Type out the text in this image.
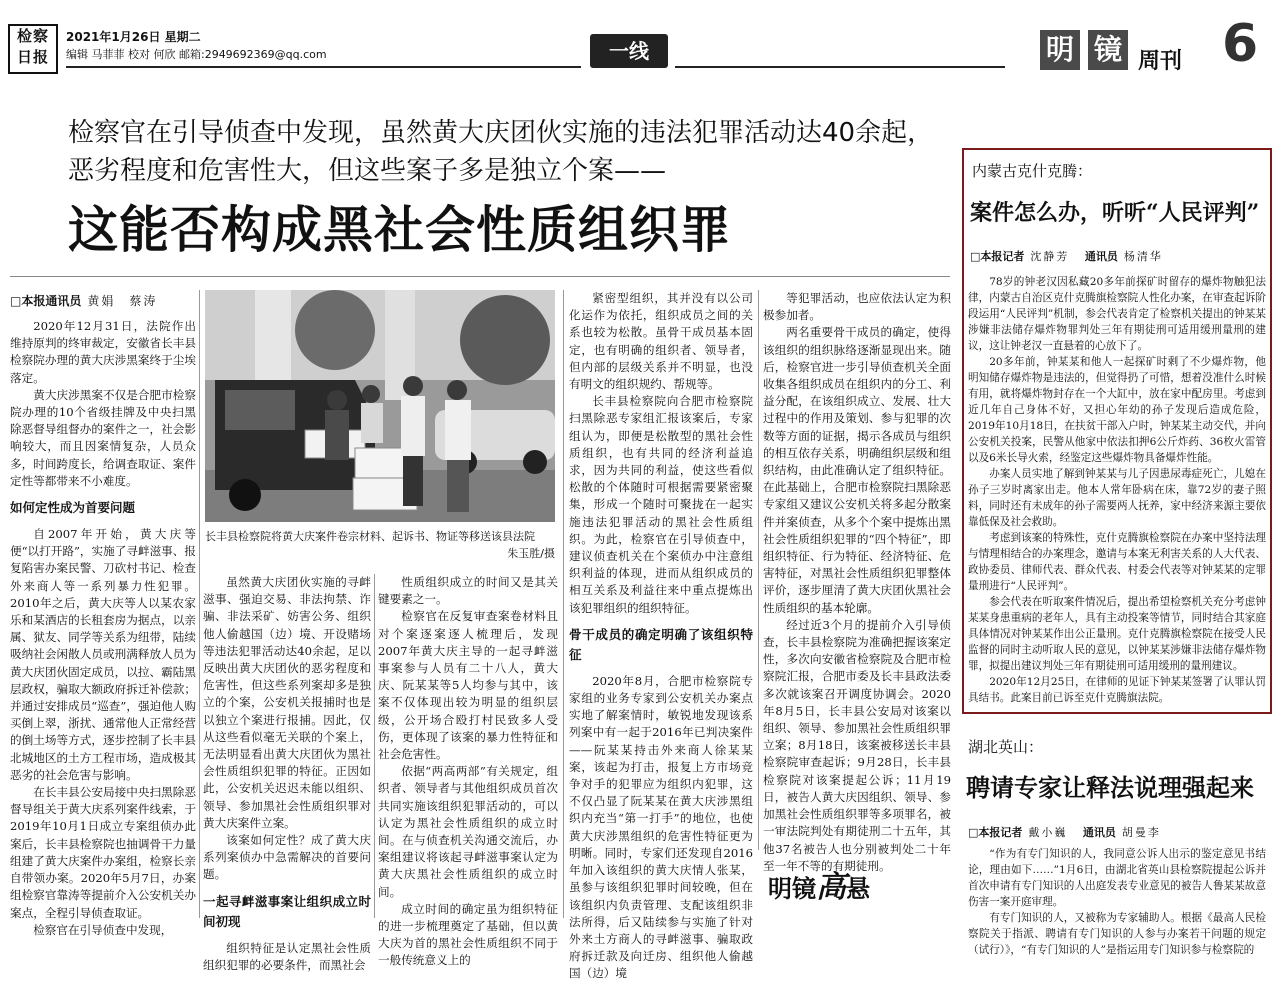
检察日报
2021年1月26日 星期二
编辑 马菲菲 校对 何欣 邮箱:2949692369@qq.com	一线	明 镜 周刊 6
检察官在引导侦查中发现，虽然黄大庆团伙实施的违法犯罪活动达40余起，恶劣程度和危害性大，但这些案子多是独立个案——
这能否构成黑社会性质组织罪
□本报通讯员 黄娟　蔡涛

2020年12月31日，法院作出维持原判的终审裁定，安徽省长丰县检察院办理的黄大庆涉黑案终于尘埃落定。

黄大庆涉黑案不仅是合肥市检察院办理的10个省级挂牌及中央扫黑除恶督导组督办的案件之一，社会影响较大，而且因案情复杂，人员众多，时间跨度长，给调查取证、案件定性等都带来不小难度。

如何定性成为首要问题

自2007年开始，黄大庆等便“以打开路”，实施了寻衅滋事、报复陷害办案民警、刀砍村书记、检查外来商人等一系列暴力性犯罪。2010年之后，黄大庆等人以某农家乐和某酒店的长租套房为据点，以亲属、狱友、同学等关系为纽带，陆续吸纳社会闲散人员或刑满释放人员为黄大庆团伙固定成员，以拉、霸陆黑层政权，骗取大额政府拆迁补偿款；并通过安排成员“巡查”，强迫他人购买倒上翠，浙扰、通常他人正常经营的倒土场等方式，逐步控制了长丰县北城地区的土方工程市场，造成极其恶劣的社会危害与影响。

在长丰县公安局接中央扫黑除恶督导组关于黄大庆系列案件线索，于2019年10月1日成立专案组侦办此案后，长丰县检察院也抽调骨干力量组建了黄大庆案件办案组，检察长亲自带领办案。2020年5月7日，办案组检察官靠涛等提前介入公安机关办案点，全程引导侦查取证。

检察官在引导侦查中发现，

长丰县检察院将黄大庆案件卷宗材料、起诉书、物证等移送该县法院
朱玉胜/摄

虽然黄大庆团伙实施的寻衅滋事、强迫交易、非法拘禁、诈骗、非法采矿、妨害公务、组织他人偷越国（边）境、开设赌场等违法犯罪活动达40余起，足以反映出黄大庆团伙的恶劣程度和危害性，但这些系列案却多是独立的个案，公安机关报捕时也是以独立个案进行报捕。因此，仅从这些看似毫无关联的个案上，无法明显看出黄大庆团伙为黑社会性质组织犯罪的特征。正因如此，公安机关迟迟未能以组织、领导、参加黑社会性质组织罪对黄大庆案件立案。

该案如何定性？成了黄大庆系列案侦办中急需解决的首要问题。

一起寻衅滋事案让组织成立时间初现

组织特征是认定黑社会性质组织犯罪的必要条件，而黑社会

性质组织成立的时间又是其关键要素之一。

检察官在反复审查案卷材料且对个案逐案逐人梳理后，发现2007年黄大庆主导的一起寻衅滋事案参与人员有二十八人，黄大庆、阮某某等5人均参与其中，该案不仅体现出较为明显的组织层级，公开场合殴打村民致多人受伤，更体现了该案的暴力性特征和社会危害性。

依据“两高两部”有关规定，组织者、领导者与其他组织成员首次共同实施该组织犯罪活动的，可以认定为黑社会性质组织的成立时间。在与侦查机关沟通交流后，办案组建议将该起寻衅滋事案认定为黄大庆黑社会性质组织的成立时间。

成立时间的确定虽为组织特征的进一步梳理奠定了基础，但以黄大庆为首的黑社会性质组织不同于一般传统意义上的

紧密型组织，其并没有以公司化运作为依托，组织成员之间的关系也较为松散。虽骨干成员基本固定，也有明确的组织者、领导者，但内部的层级关系并不明显，也没有明文的组织规约、帮规等。

长丰县检察院向合肥市检察院扫黑除恶专家组汇报该案后，专家组认为，即便是松散型的黑社会性质组织，也有共同的经济利益追求，因为共同的利益，使这些看似松散的个体随时可根据需要紧密聚集，形成一个随时可聚拢在一起实施违法犯罪活动的黑社会性质组织。为此，检察官在引导侦查中，建议侦查机关在个案侦办中注意组织利益的体现，进而从组织成员的相互关系及利益往来中重点提炼出该犯罪组织的组织特征。

骨干成员的确定明确了该组织特征

2020年8月，合肥市检察院专家组的业务专家到公安机关办案点实地了解案情时，敏锐地发现该系列案中有一起于2016年已判决案件——阮某某持击外来商人徐某某案，该起为打击，报复上方市场竞争对手的犯罪应为组织内犯罪，这不仅凸显了阮某某在黄大庆涉黑组织内充当“第一打手”的地位，也使黄大庆涉黑组织的危害性特征更为明晰。同时，专家们还发现自2016年加入该组织的黄大庆情人张某，虽参与该组织犯罪时间较晚，但在该组织内负责管理、支配该组织非法所得，后又陆续参与实施了针对外来土方商人的寻衅滋事、骗取政府拆迁款及向迁房、组织他人偷越国（边）境

等犯罪活动，也应依法认定为积极参加者。

两名重要骨干成员的确定，使得该组织的组织脉络逐渐显现出来。随后，检察官进一步引导侦查机关全面收集各组织成员在组织内的分工、利益分配，在该组织成立、发展、壮大过程中的作用及策划、参与犯罪的次数等方面的证据，揭示各成员与组织的相互依存关系，明确组织层级和组织结构，由此准确认定了组织特征。在此基础上，合肥市检察院扫黑除恶专家组又建议公安机关将多起分散案件并案侦查，从多个个案中提炼出黑社会性质组织犯罪的“四个特征”，即组织特征、行为特征、经济特征、危害特征，对黑社会性质组织犯罪整体评价，逐步厘清了黄大庆团伙黑社会性质组织的基本轮廓。

经过近3个月的提前介入引导侦查，长丰县检察院为准确把握该案定性，多次向安徽省检察院及合肥市检察院汇报，合肥市委及长丰县政法委多次就该案召开调度协调会。2020年8月5日，长丰县公安局对该案以组织、领导、参加黑社会性质组织罪立案；8月18日，该案被移送长丰县检察院审查起诉；9月28日，长丰县检察院对该案提起公诉；11月19日，被告人黄大庆因组织、领导、参加黑社会性质组织罪等多项罪名，被一审法院判处有期徒刑二十五年，其他37名被告人也分别被判处二十年至一年不等的有期徒刑。

明镜高悬
内蒙古克什克腾：
案件怎么办，听听“人民评判”
□本报记者 沈静芳 通讯员 杨清华

78岁的钟老汉因私藏20多年前探矿时留存的爆炸物触犯法律，内蒙古自治区克什克腾旗检察院人性化办案，在审查起诉阶段运用“人民评判”机制，参会代表肯定了检察机关提出的钟某某涉嫌非法储存爆炸物罪判处三年有期徒刑可适用缓刑量刑的建议，这让钟老汉一直悬着的心放下了。

20多年前，钟某某和他人一起探矿时剩了不少爆炸物，他明知储存爆炸物是违法的，但觉得扔了可惜，想着没准什么时候有用，就将爆炸物封存在一个大缸中，放在家中配房里。考虑到近几年自己身体不好，又担心年幼的孙子发现后造成危险，2019年10月18日，在扶贫干部入户时，钟某某主动交代，并向公安机关投案，民警从他家中依法扣押6公斤炸药、36枚火雷管以及6米长导火索，经鉴定这些爆炸物具备爆炸性能。

办案人员实地了解到钟某某与儿子因患尿毒症死亡，儿媳在孙子三岁时离家出走。他本人常年卧病在床，靠72岁的妻子照料，同时还有未成年的孙子需要两人抚养，家中经济来源主要依靠低保及社会救助。

考虑到该案的特殊性，克什克腾旗检察院在办案中坚持法理与情理相结合的办案理念，邀请与本案无利害关系的人大代表、政协委员、律师代表、群众代表、村委会代表等对钟某某的定罪量刑进行“人民评判”。

参会代表在听取案件情况后，提出希望检察机关充分考虑钟某某身患重病的老年人，具有主动投案等情节，同时结合其家庭具体情况对钟某某作出公正量刑。克什克腾旗检察院在接受人民监督的同时主动听取人民的意见，以钟某某涉嫌非法储存爆炸物罪，拟提出建议判处三年有期徒刑可适用缓刑的量刑建议。

2020年12月25日，在律师的见证下钟某某签署了认罪认罚具结书。此案目前已诉至克什克腾旗法院。

湖北英山：
聘请专家让释法说理强起来
□本报记者 戴小巍 通讯员 胡曼李

“作为有专门知识的人，我同意公诉人出示的鉴定意见书结论，理由如下……”1月6日，由湖北省英山县检察院提起公诉并首次申请有专门知识的人出庭发表专业意见的被告人鲁某某故意伤害一案开庭审理。

有专门知识的人，又被称为专家辅助人。根据《最高人民检察院关于指派、聘请有专门知识的人参与办案若干问题的规定（试行）》，“有专门知识的人”是指运用专门知识参与检察院的
